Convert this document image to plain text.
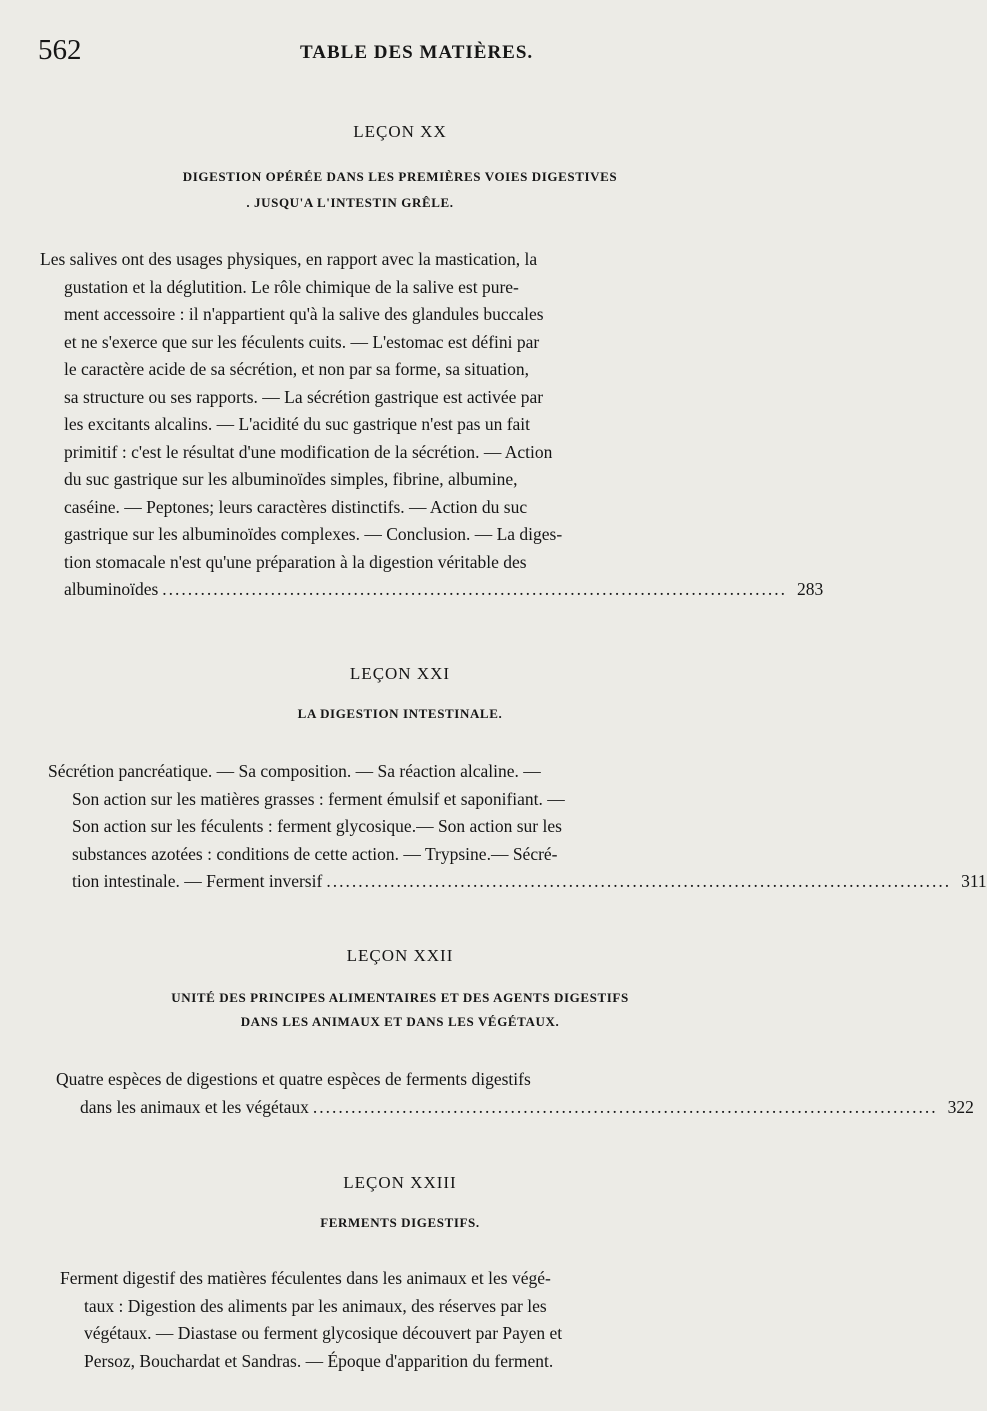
562	TABLE DES MATIÈRES.
LEÇON XX
DIGESTION OPÉRÉE DANS LES PREMIÈRES VOIES DIGESTIVES
. JUSQU'A L'INTESTIN GRÊLE.
Les salives ont des usages physiques, en rapport avec la mastication, la
gustation et la déglutition. Le rôle chimique de la salive est pure-
ment accessoire : il n'appartient qu'à la salive des glandules buccales
et ne s'exerce que sur les féculents cuits. — L'estomac est défini par
le caractère acide de sa sécrétion, et non par sa forme, sa situation,
sa structure ou ses rapports. — La sécrétion gastrique est activée par
les excitants alcalins. — L'acidité du suc gastrique n'est pas un fait
primitif : c'est le résultat d'une modification de la sécrétion. — Action
du suc gastrique sur les albuminoïdes simples, fibrine, albumine,
caséine. — Peptones; leurs caractères distinctifs. — Action du suc
gastrique sur les albuminoïdes complexes. — Conclusion. — La diges-
tion stomacale n'est qu'une préparation à la digestion véritable des
albuminoïdes .................................................................................................. 283
LEÇON XXI
LA DIGESTION INTESTINALE.
Sécrétion pancréatique. — Sa composition. — Sa réaction alcaline. —
Son action sur les matières grasses : ferment émulsif et saponifiant. —
Son action sur les féculents : ferment glycosique.— Son action sur les
substances azotées : conditions de cette action. — Trypsine.— Sécré-
tion intestinale. — Ferment inversif .................................................................................................. 311
LEÇON XXII
UNITÉ DES PRINCIPES ALIMENTAIRES ET DES AGENTS DIGESTIFS
DANS LES ANIMAUX ET DANS LES VÉGÉTAUX.
Quatre espèces de digestions et quatre espèces de ferments digestifs
dans les animaux et les végétaux .................................................................................................. 322
LEÇON XXIII
FERMENTS DIGESTIFS.
Ferment digestif des matières féculentes dans les animaux et les végé-
taux : Digestion des aliments par les animaux, des réserves par les
végétaux. — Diastase ou ferment glycosique découvert par Payen et
Persoz, Bouchardat et Sandras. — Époque d'apparition du ferment.
